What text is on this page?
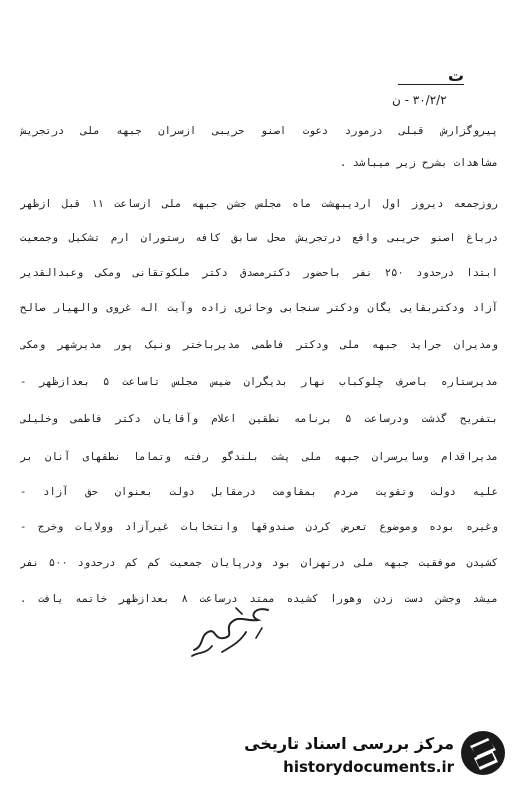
ت
۳۰/۲/۲ - ن
پیروگزارش قبلی درمورد دعوت اصنو حریبی ازسران جبهه ملی درتجریش
مشاهدات بشرح زیر میباشد .
روزجمعه دیروز اول اردیبهشت ماه مجلس جشن جبهه ملی ازساعت ۱۱ قبل ازظهر
درباغ اصنو حریبی واقع درتجریش محل سابق کافه رستوران ارم تشکیل وجمعیت
ابتدا درحدود ۲۵۰ نفر باحضور دکترمصدق دکتر ملکوتقانی ومکی وعبدالقدیر
آزاد ودکتربقایی یگان ودکتر سنجابی وحائری زاده وآیت اله غروی والهیار صالح
ومدیران جراید جبهه ملی ودکتر فاطمی مدیرباختر ونیک پور مدیرشهر ومکی
مدیرستاره باصرف چلوکباب نهار بدیگران ضیس مجلس تاساعت ۵ بعدازظهر -
بتفریح گذشت ودرساعت ۵ برنامه نطقین اعلام وآقایان دکتر فاطمی وخلیلی
مدیراقدام وسایرسران جبهه ملی پشت بلندگو رفته وتماما نطقهای آنان بر
علیه دولت وتقویت مردم بمقاومت درمقابل دولت بعنوان حق آزاد -
وغیره بوده وموضوع تعرض کردن صندوقها وانتخابات غیرآزاد وولایات وخرج -
کشیدن موفقیت جبهه ملی درتهران بود ودرپایان جمعیت کم کم درحدود ۵۰۰ نفر
میشد وجشن دست زدن وهورا کشیده ممتد درساعت ۸ بعدازظهر خاتمه یافت .
مرکز بررسی اسناد تاریخی
historydocuments.ir
